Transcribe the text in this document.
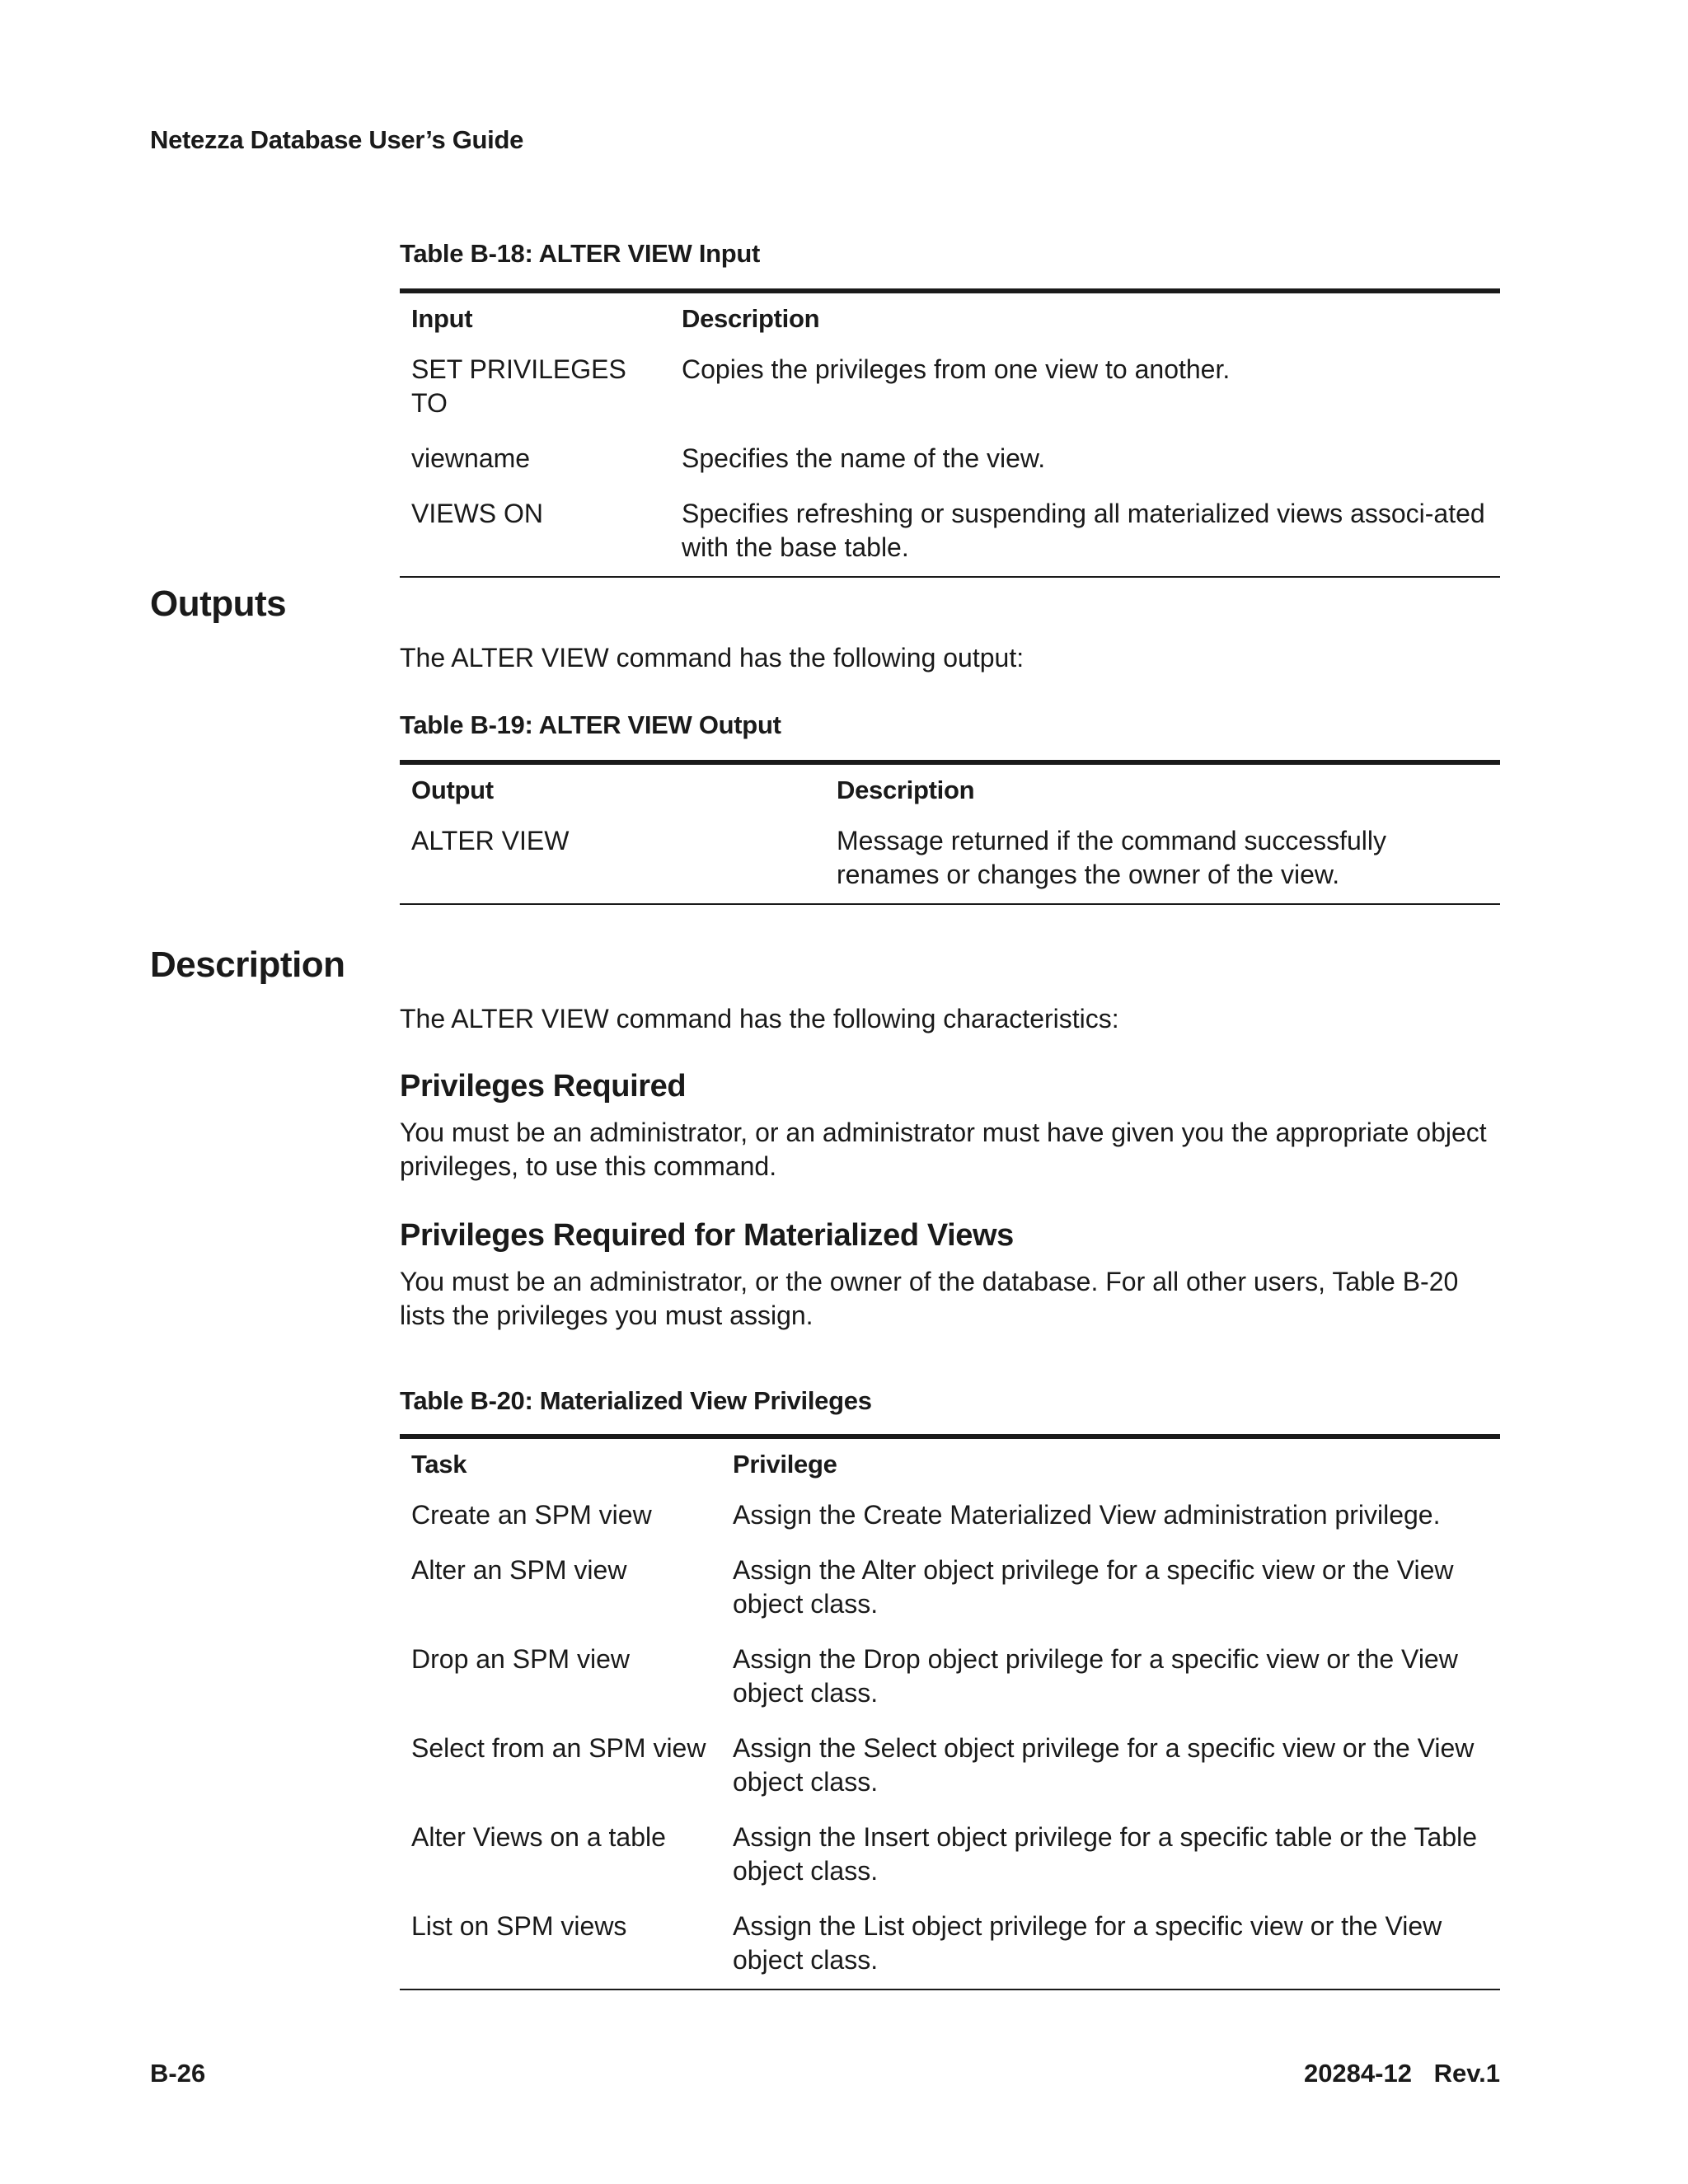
Netezza Database User’s Guide

Table B-18: ALTER VIEW Input

Input	Description
SET PRIVILEGES TO	Copies the privileges from one view to another.
viewname	Specifies the name of the view.
VIEWS ON	Specifies refreshing or suspending all materialized views associ-ated with the base table.
Outputs

The ALTER VIEW command has the following output:

Table B-19: ALTER VIEW Output

Output	Description
ALTER VIEW	Message returned if the command successfully renames or changes the owner of the view.
Description

The ALTER VIEW command has the following characteristics:

Privileges Required

You must be an administrator, or an administrator must have given you the appropriate object privileges, to use this command.

Privileges Required for Materialized Views

You must be an administrator, or the owner of the database. For all other users, Table B-20 lists the privileges you must assign.

Table B-20: Materialized View Privileges

Task	Privilege
Create an SPM view	Assign the Create Materialized View administration privilege.
Alter an SPM view	Assign the Alter object privilege for a specific view or the View object class.
Drop an SPM view	Assign the Drop object privilege for a specific view or the View object class.
Select from an SPM view	Assign the Select object privilege for a specific view or the View object class.
Alter Views on a table	Assign the Insert object privilege for a specific table or the Table object class.
List on SPM views	Assign the List object privilege for a specific view or the View object class.
B-26	20284-12 Rev.1
